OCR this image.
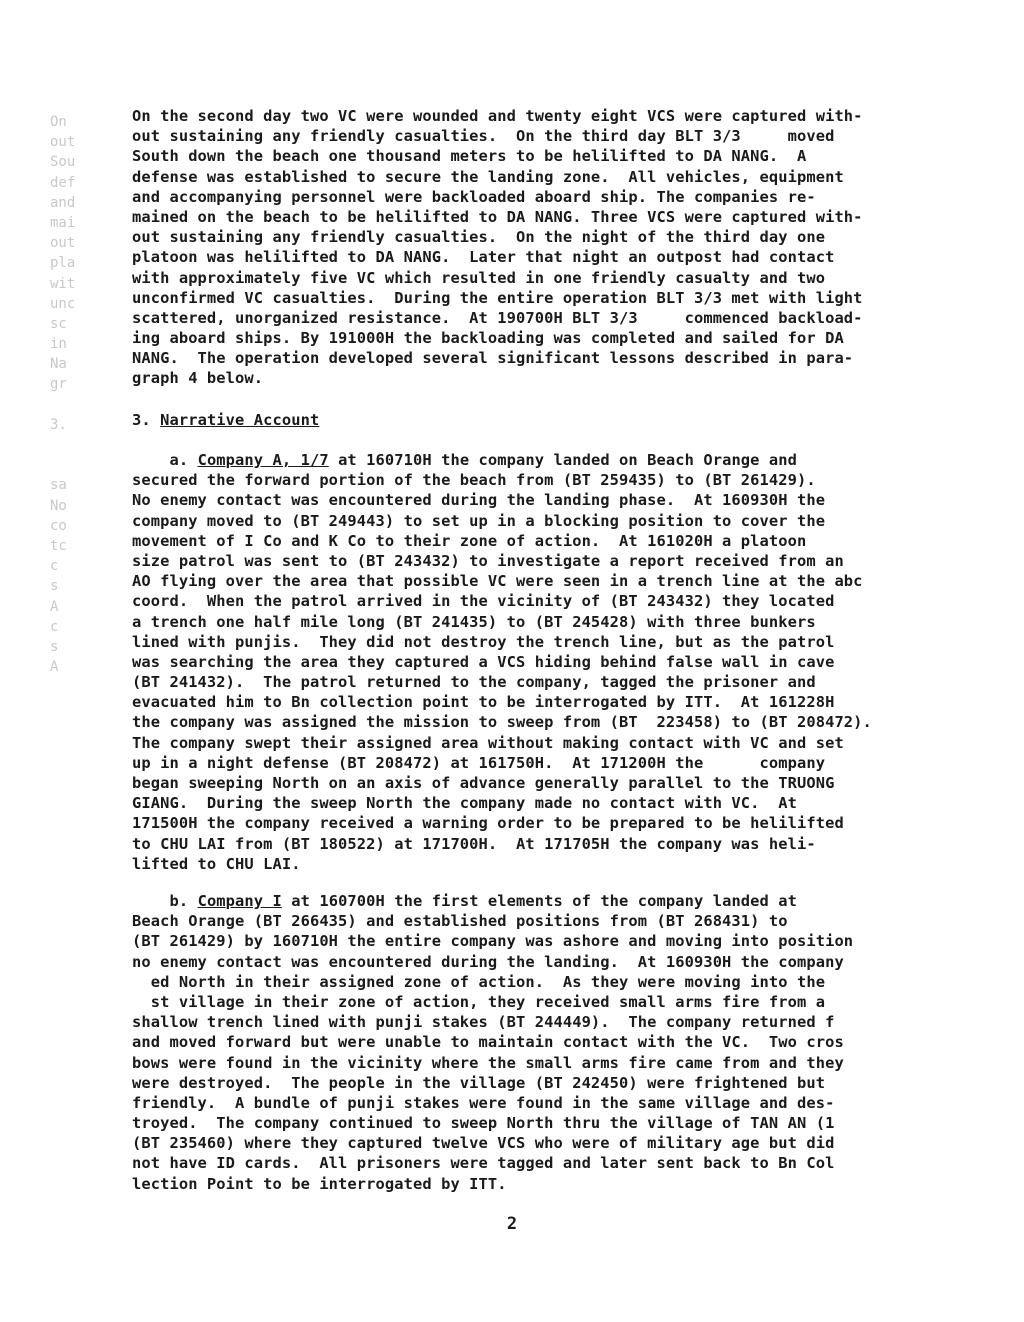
On
out
Sou
def
and
mai
out
pla
wit
unc
sc
in
Na
gr
3.
sa
No
co
tc
c
s
A
c
s
A
On the second day two VC were wounded and twenty eight VCS were captured with-
out sustaining any friendly casualties.  On the third day BLT 3/3     moved
South down the beach one thousand meters to be helilifted to DA NANG.  A
defense was established to secure the landing zone.  All vehicles, equipment
and accompanying personnel were backloaded aboard ship. The companies re-
mained on the beach to be helilifted to DA NANG. Three VCS were captured with-
out sustaining any friendly casualties.  On the night of the third day one
platoon was helilifted to DA NANG.  Later that night an outpost had contact
with approximately five VC which resulted in one friendly casualty and two
unconfirmed VC casualties.  During the entire operation BLT 3/3 met with light
scattered, unorganized resistance.  At 190700H BLT 3/3     commenced backload-
ing aboard ships. By 191000H the backloading was completed and sailed for DA
NANG.  The operation developed several significant lessons described in para-
graph 4 below.
3. Narrative Account
a. Company A, 1/7 at 160710H the company landed on Beach Orange and
secured the forward portion of the beach from (BT 259435) to (BT 261429).
No enemy contact was encountered during the landing phase.  At 160930H the
company moved to (BT 249443) to set up in a blocking position to cover the
movement of I Co and K Co to their zone of action.  At 161020H a platoon
size patrol was sent to (BT 243432) to investigate a report received from an
AO flying over the area that possible VC were seen in a trench line at the abc
coord.  When the patrol arrived in the vicinity of (BT 243432) they located
a trench one half mile long (BT 241435) to (BT 245428) with three bunkers
lined with punjis.  They did not destroy the trench line, but as the patrol
was searching the area they captured a VCS hiding behind false wall in cave
(BT 241432).  The patrol returned to the company, tagged the prisoner and
evacuated him to Bn collection point to be interrogated by ITT.  At 161228H
the company was assigned the mission to sweep from (BT  223458) to (BT 208472).
The company swept their assigned area without making contact with VC and set
up in a night defense (BT 208472) at 161750H.  At 171200H the      company
began sweeping North on an axis of advance generally parallel to the TRUONG
GIANG.  During the sweep North the company made no contact with VC.  At
171500H the company received a warning order to be prepared to be helilifted
to CHU LAI from (BT 180522) at 171700H.  At 171705H the company was heli-
lifted to CHU LAI.
b. Company I at 160700H the first elements of the company landed at
Beach Orange (BT 266435) and established positions from (BT 268431) to
(BT 261429) by 160710H the entire company was ashore and moving into position
no enemy contact was encountered during the landing.  At 160930H the company
ed North in their assigned zone of action.  As they were moving into the
st village in their zone of action, they received small arms fire from a
shallow trench lined with punji stakes (BT 244449).  The company returned f
and moved forward but were unable to maintain contact with the VC.  Two cros
bows were found in the vicinity where the small arms fire came from and they
were destroyed.  The people in the village (BT 242450) were frightened but
friendly.  A bundle of punji stakes were found in the same village and des-
troyed.  The company continued to sweep North thru the village of TAN AN (1
(BT 235460) where they captured twelve VCS who were of military age but did
not have ID cards.  All prisoners were tagged and later sent back to Bn Col
lection Point to be interrogated by ITT.
2
